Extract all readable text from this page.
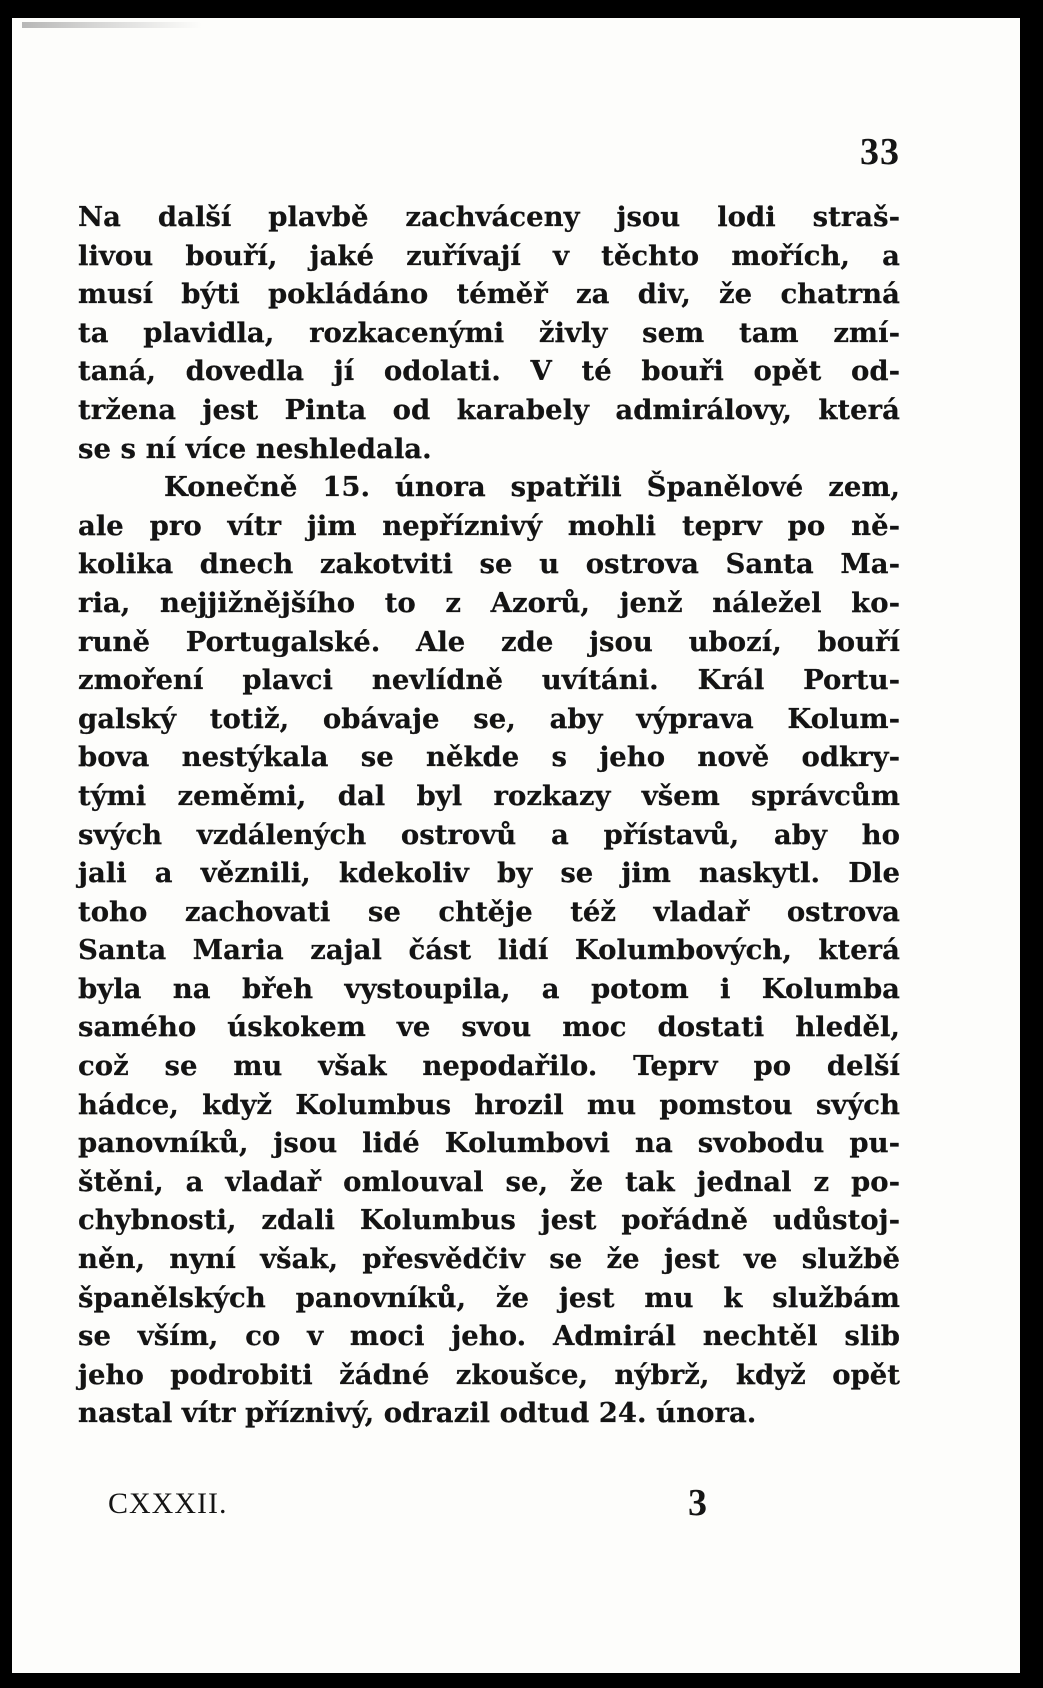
33
Na další plavbě zachváceny jsou lodi straš-
livou bouří, jaké zuřívají v těchto mořích, a
musí býti pokládáno téměř za div, že chatrná
ta plavidla, rozkacenými živly sem tam zmí-
taná, dovedla jí odolati. V té bouři opět od-
tržena jest Pinta od karabely admirálovy, která
se s ní více neshledala.
Konečně 15. února spatřili Španělové zem,
ale pro vítr jim nepříznivý mohli teprv po ně-
kolika dnech zakotviti se u ostrova Santa Ma-
ria, nejjižnějšího to z Azorů, jenž náležel ko-
runě Portugalské. Ale zde jsou ubozí, bouří
zmoření plavci nevlídně uvítáni. Král Portu-
galský totiž, obávaje se, aby výprava Kolum-
bova nestýkala se někde s jeho nově odkry-
tými zeměmi, dal byl rozkazy všem správcům
svých vzdálených ostrovů a přístavů, aby ho
jali a věznili, kdekoliv by se jim naskytl. Dle
toho zachovati se chtěje též vladař ostrova
Santa Maria zajal část lidí Kolumbových, která
byla na břeh vystoupila, a potom i Kolumba
samého úskokem ve svou moc dostati hleděl,
což se mu však nepodařilo. Teprv po delší
hádce, když Kolumbus hrozil mu pomstou svých
panovníků, jsou lidé Kolumbovi na svobodu pu-
štěni, a vladař omlouval se, že tak jednal z po-
chybnosti, zdali Kolumbus jest pořádně udůstoj-
něn, nyní však, přesvědčiv se že jest ve službě
španělských panovníků, že jest mu k službám
se vším, co v moci jeho. Admirál nechtěl slib
jeho podrobiti žádné zkoušce, nýbrž, když opět
nastal vítr příznivý, odrazil odtud 24. února.
CXXXII.	3
